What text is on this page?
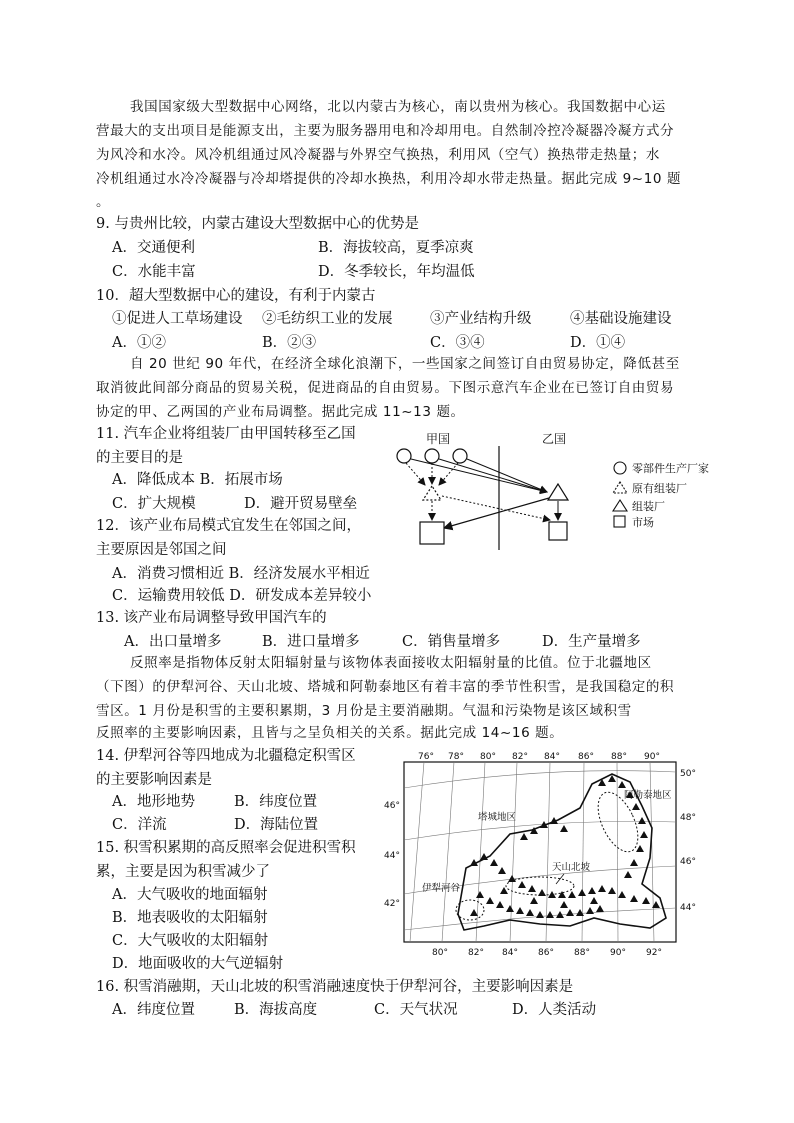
我国国家级大型数据中心网络，北以内蒙古为核心，南以贵州为核心。我国数据中心运
营最大的支出项目是能源支出，主要为服务器用电和冷却用电。自然制冷控冷凝器冷凝方式分
为风冷和水冷。风冷机组通过风冷凝器与外界空气换热，利用风（空气）换热带走热量；水
冷机组通过水冷冷凝器与冷却塔提供的冷却水换热，利用冷却水带走热量。据此完成 9~10 题
。
9. 与贵州比较，内蒙古建设大型数据中心的优势是
A．交通便利	B．海拔较高，夏季凉爽
C．水能丰富	D．冬季较长，年均温低
10．超大型数据中心的建设，有利于内蒙古
①促进人工草场建设 ②毛纺织工业的发展	③产业结构升级	④基础设施建设
A．①②	B．②③	C．③④	D．①④
自 20 世纪 90 年代，在经济全球化浪潮下，一些国家之间签订自由贸易协定，降低甚至
取消彼此间部分商品的贸易关税，促进商品的自由贸易。下图示意汽车企业在已签订自由贸易
协定的甲、乙两国的产业布局调整。据此完成 11~13 题。
11. 汽车企业将组装厂由甲国转移至乙国
的主要目的是
A．降低成本 B．拓展市场
C．扩大规模	D．避开贸易壁垒
12．该产业布局模式宜发生在邻国之间，
主要原因是邻国之间
A．消费习惯相近 B．经济发展水平相近
C．运输费用较低 D．研发成本差异较小
13. 该产业布局调整导致甲国汽车的
A．出口量增多	B．进口量增多	C．销售量增多	D．生产量增多
甲国	乙国
零部件生产厂家
原有组装厂
组装厂
市场
反照率是指物体反射太阳辐射量与该物体表面接收太阳辐射量的比值。位于北疆地区
（下图）的伊犁河谷、天山北坡、塔城和阿勒泰地区有着丰富的季节性积雪，是我国稳定的积
雪区。1 月份是积雪的主要积累期，3 月份是主要消融期。气温和污染物是该区域积雪
反照率的主要影响因素，且皆与之呈负相关的关系。据此完成 14~16 题。
14. 伊犁河谷等四地成为北疆稳定积雪区
的主要影响因素是
A．地形地势	B．纬度位置
C．洋流	D．海陆位置
15. 积雪积累期的高反照率会促进积雪积
累，主要是因为积雪减少了
A．大气吸收的地面辐射
B．地表吸收的太阳辐射
C．大气吸收的太阳辐射
D．地面吸收的大气逆辐射
16. 积雪消融期，天山北坡的积雪消融速度快于伊犁河谷，主要影响因素是
A．纬度位置	B．海拔高度	C．天气状况	D．人类活动
阿勒泰地区
塔城地区
天山北坡
伊犁河谷
76° 78° 80° 82° 84° 86° 88° 90°
80° 82° 84° 86° 88° 90° 92°
46°
44°
42°
50°
48°
46°
44°
